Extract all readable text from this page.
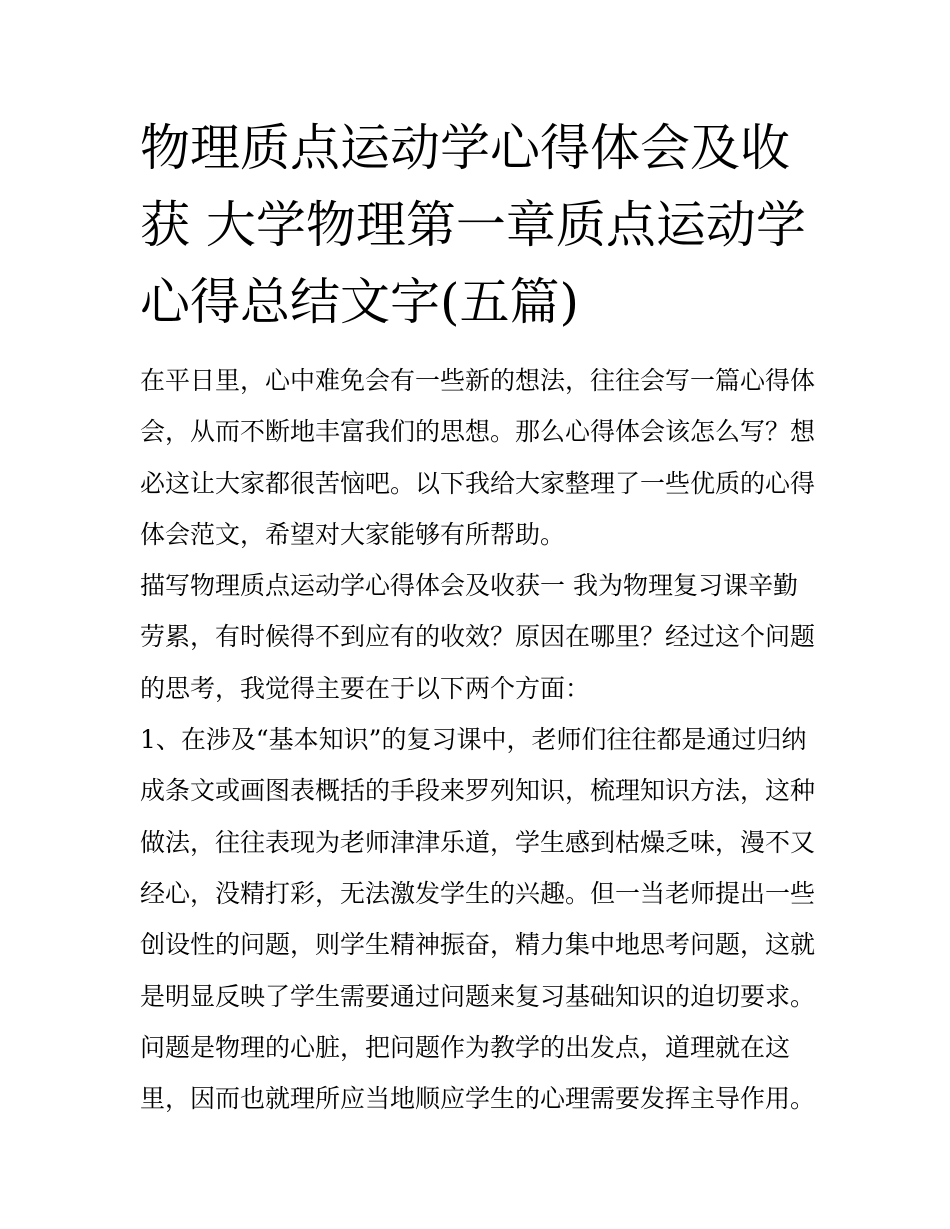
物理质点运动学心得体会及收获 大学物理第一章质点运动学心得总结文字(五篇)

在平日里，心中难免会有一些新的想法，往往会写一篇心得体会，从而不断地丰富我们的思想。那么心得体会该怎么写？想必这让大家都很苦恼吧。以下我给大家整理了一些优质的心得体会范文，希望对大家能够有所帮助。

描写物理质点运动学心得体会及收获一 我为物理复习课辛勤劳累，有时候得不到应有的收效？原因在哪里？经过这个问题的思考，我觉得主要在于以下两个方面：

1、在涉及“基本知识”的复习课中，老师们往往都是通过归纳成条文或画图表概括的手段来罗列知识，梳理知识方法，这种做法，往往表现为老师津津乐道，学生感到枯燥乏味，漫不又经心，没精打彩，无法激发学生的兴趣。但一当老师提出一些创设性的问题，则学生精神振奋，精力集中地思考问题，这就是明显反映了学生需要通过问题来复习基础知识的迫切要求。问题是物理的心脏，把问题作为教学的出发点，道理就在这里，因而也就理所应当地顺应学生的心理需要发挥主导作用。
